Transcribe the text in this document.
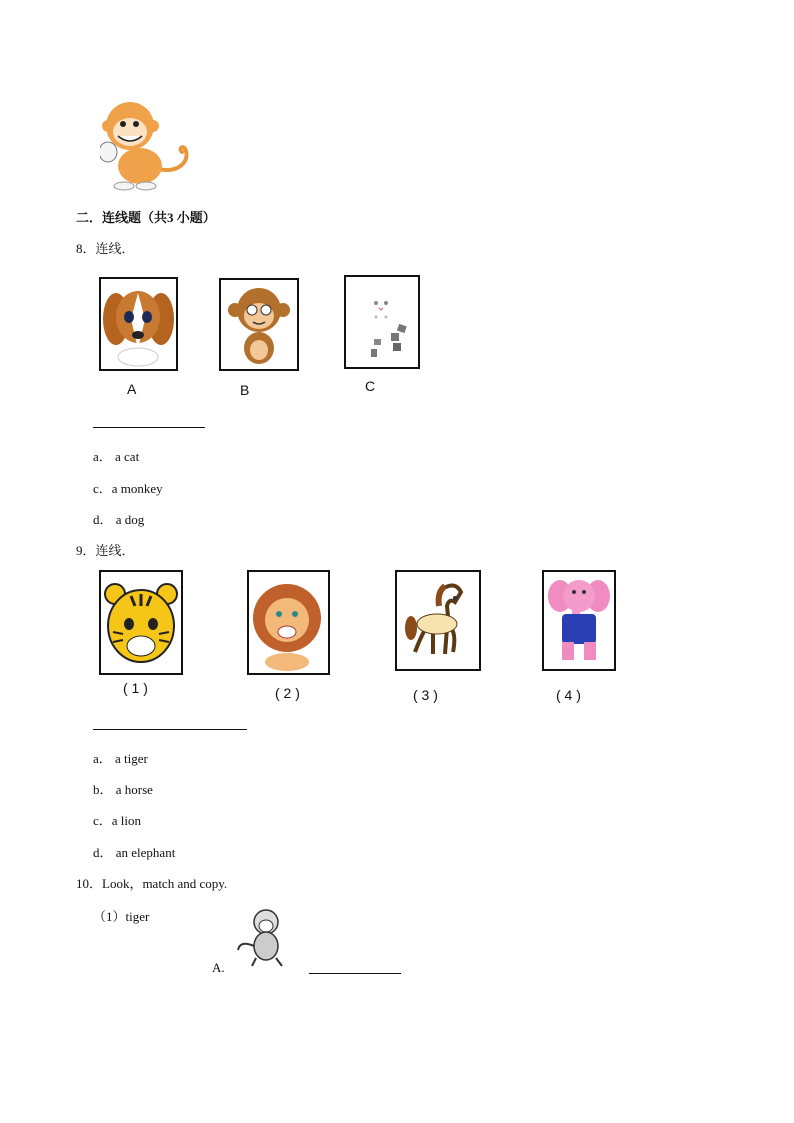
二．连线题（共3 小题）
8．连线．
A	B	C
a． a cat
c．a monkey
d． a dog
9．连线．
( 1 )	( 2 )	( 3 )	( 4 )
a． a tiger
b． a horse
c．a lion
d． an elephant
10．Look，match and copy.
（1）tiger
A.
